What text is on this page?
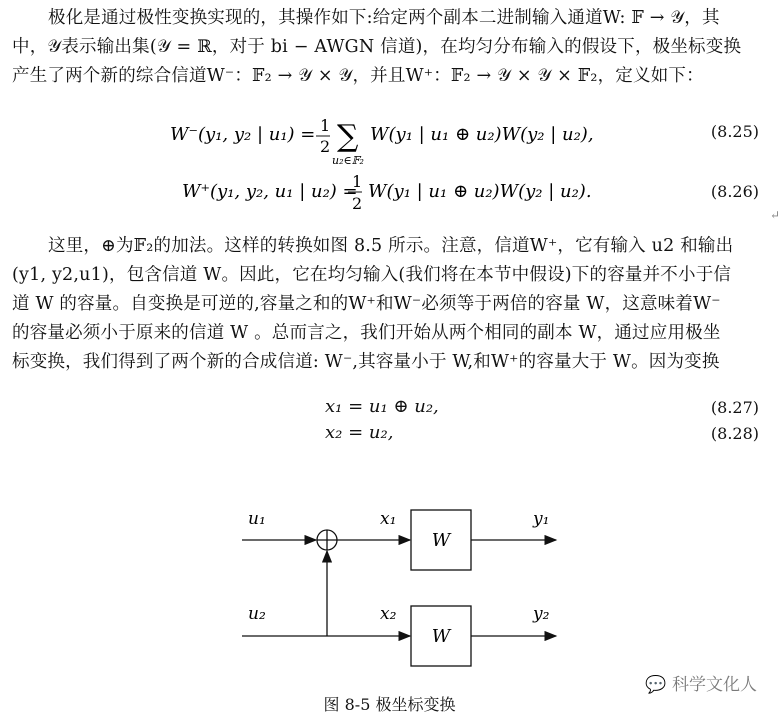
极化是通过极性变换实现的，其操作如下:给定两个副本二进制输入通道W: 𝔽 → 𝒴，其
中，𝒴表示输出集(𝒴 = ℝ，对于 bi − AWGN 信道)，在均匀分布输入的假设下，极坐标变换
产生了两个新的综合信道W⁻：𝔽₂ → 𝒴 × 𝒴，并且W⁺：𝔽₂ → 𝒴 × 𝒴 × 𝔽₂，定义如下：
W⁻(y₁, y₂ | u₁) = 1
2 ∑
u₂∈𝔽₂
W(y₁ | u₁ ⊕ u₂)W(y₂ | u₂),	(8.25)
W⁺(y₁, y₂, u₁ | u₂) =
1
2
W(y₁ | u₁ ⊕ u₂)W(y₂ | u₂).	(8.26)
↵
这里，⊕为𝔽₂的加法。这样的转换如图 8.5 所示。注意，信道W⁺，它有输入 u2 和输出
(y1, y2,u1)，包含信道 W。因此，它在均匀输入(我们将在本节中假设)下的容量并不小于信
道 W 的容量。自变换是可逆的,容量之和的W⁺和W⁻必须等于两倍的容量 W，这意味着W⁻
的容量必须小于原来的信道 W 。总而言之，我们开始从两个相同的副本 W，通过应用极坐
标变换，我们得到了两个新的合成信道: W⁻,其容量小于 W,和W⁺的容量大于 W。因为变换
x₁ = u₁ ⊕ u₂,	(8.27)
x₂ = u₂,	(8.28)
u₁
u₂
x₁
x₂
y₁
y₂
W
W
💬 科学文化人
图 8-5 极坐标变换
